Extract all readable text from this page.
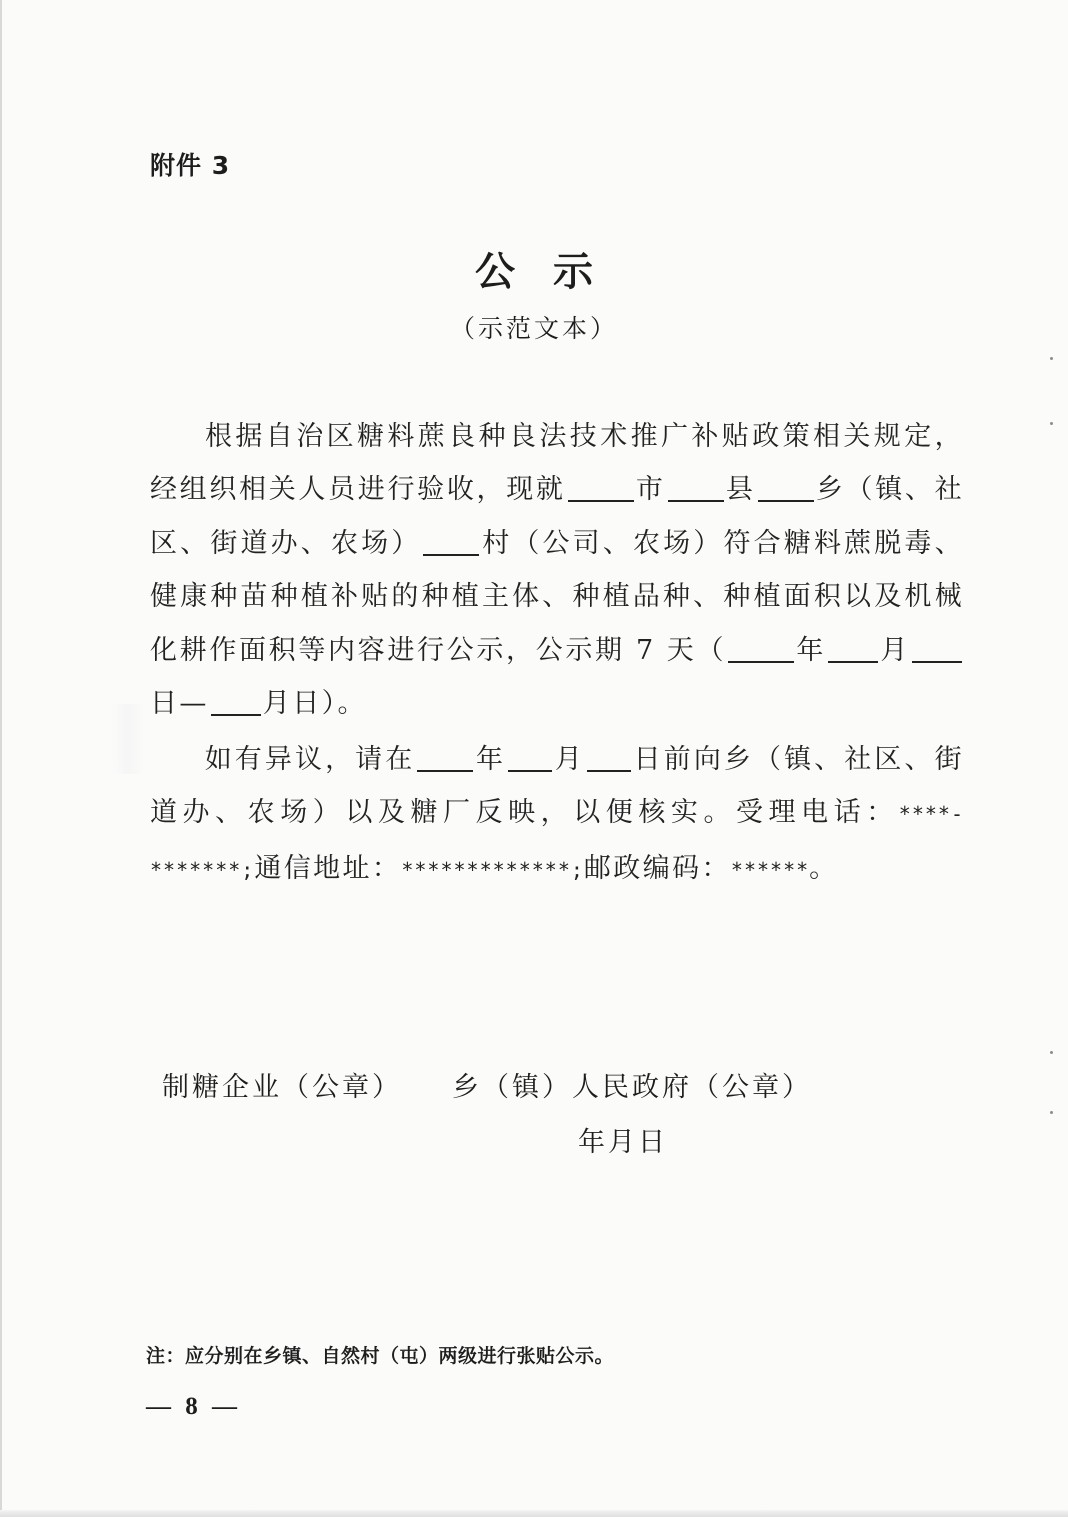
附件 3
公 示
（示范文本）
根据自治区糖料蔗良种良法技术推广补贴政策相关规定，经组织相关人员进行验收，现就	市 县 乡（镇、社区、街道办、农场） 村（公司、农场）符合糖料蔗脱毒、健康种苗种植补贴的种植主体、种植品种、种植面积以及机械化耕作面积等内容进行公示，公示期 7 天（	年 月日— 月日）。
如有异议，请在 年 月 日前向乡（镇、社区、街道办、农场）以及糖厂反映，以便核实。受理电话：****-*******;通信地址：*************;邮政编码：******。
制糖企业（公章） 乡（镇）人民政府（公章）
年月日
注：应分别在乡镇、自然村（屯）两级进行张贴公示。
— 8 —
